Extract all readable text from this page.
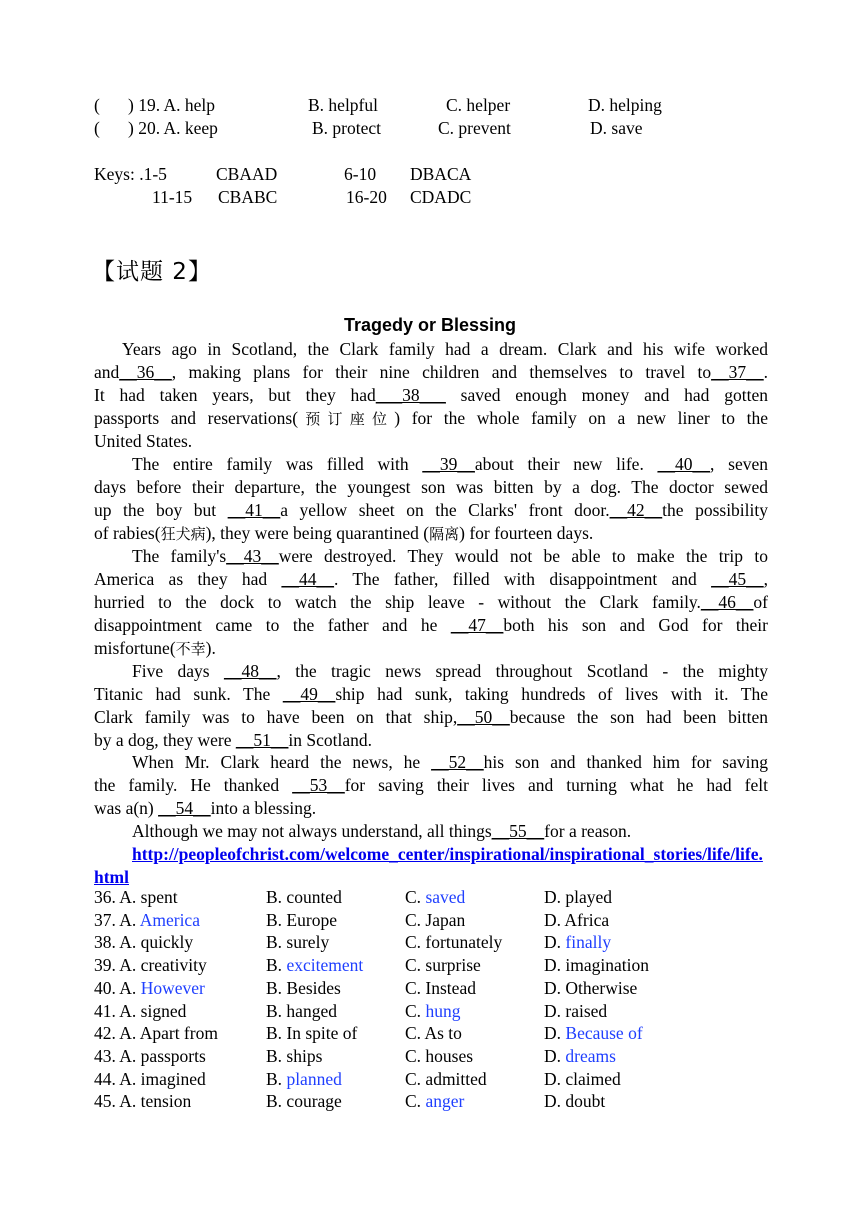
( ) 19. A. help	B. helpful	C. helper	D. helping
( ) 20. A. keep	B. protect	C. prevent	D. save
Keys: .1-5	CBAAD	6-10 DBACA
11-15 CBABC	16-20 CDADC
【试题 2】
Tragedy or Blessing
Years ago in Scotland, the Clark family had a dream. Clark and his wife worked
and__36__, making plans for their nine children and themselves to travel to__37__.
It had taken years, but they had___38___ saved enough money and had gotten
passports and reservations(预订座位) for the whole family on a new liner to the
United States.
The entire family was filled with __39__about their new life. __40__, seven
days before their departure, the youngest son was bitten by a dog. The doctor sewed
up the boy but __41__a yellow sheet on the Clarks' front door.__42__the possibility
of rabies(狂犬病), they were being quarantined (隔离) for fourteen days.
The family's__43__were destroyed. They would not be able to make the trip to
America as they had __44__. The father, filled with disappointment and __45__,
hurried to the dock to watch the ship leave - without the Clark family.__46__of
disappointment came to the father and he __47__both his son and God for their
misfortune(不幸).
Five days __48__, the tragic news spread throughout Scotland - the mighty
Titanic had sunk. The __49__ship had sunk, taking hundreds of lives with it. The
Clark family was to have been on that ship,__50__because the son had been bitten
by a dog, they were __51__in Scotland.
When Mr. Clark heard the news, he __52__his son and thanked him for saving
the family. He thanked __53__for saving their lives and turning what he had felt
was a(n) __54__into a blessing.
Although we may not always understand, all things__55__for a reason.
http://peopleofchrist.com/welcome_center/inspirational/inspirational_stories/life/life.html
36. A. spent	B. counted	C. saved	D. played
37. A. America	B. Europe	C. Japan	D. Africa
38. A. quickly	B. surely	C. fortunately D. finally
39. A. creativity	B. excitement C. surprise	D. imagination
40. A. However	B. Besides	C. Instead	D. Otherwise
41. A. signed	B. hanged	C. hung	D. raised
42. A. Apart from	B. In spite of	C. As to	D. Because of
43. A. passports	B. ships	C. houses	D. dreams
44. A. imagined	B. planned	C. admitted	D. claimed
45. A. tension	B. courage	C. anger	D. doubt
